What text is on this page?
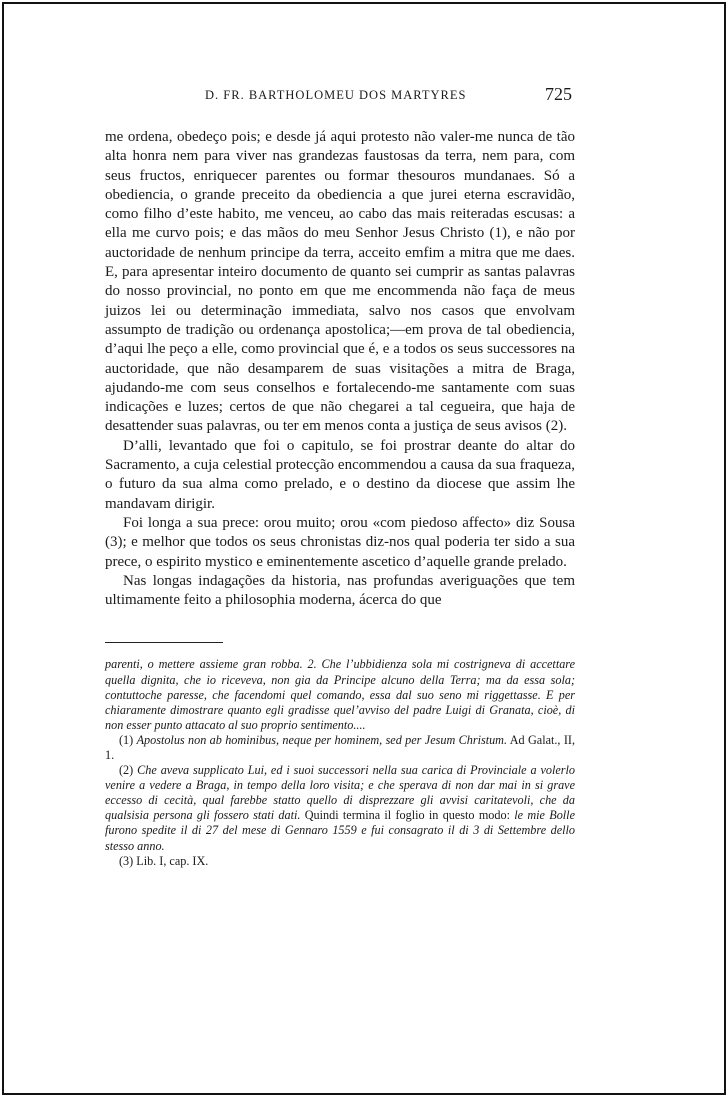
D. FR. BARTHOLOMEU DOS MARTYRES	725

me ordena, obedeço pois; e desde já aqui protesto não valer-me nunca de tão alta honra nem para viver nas grandezas faustosas da terra, nem para, com seus fructos, enriquecer parentes ou formar thesouros mundanaes. Só a obediencia, o grande preceito da obediencia a que jurei eterna escravidão, como filho d’este habito, me venceu, ao cabo das mais reiteradas escusas: a ella me curvo pois; e das mãos do meu Senhor Jesus Christo (1), e não por auctoridade de nenhum principe da terra, acceito emfim a mitra que me daes. E, para apresentar inteiro documento de quanto sei cumprir as santas palavras do nosso provincial, no ponto em que me encommenda não faça de meus juizos lei ou determinação immediata, salvo nos casos que envolvam assumpto de tradição ou ordenança apostolica;—em prova de tal obediencia, d’aqui lhe peço a elle, como provincial que é, e a todos os seus successores na auctoridade, que não desamparem de suas visitações a mitra de Braga, ajudando-me com seus conselhos e fortalecendo-me santamente com suas indicações e luzes; certos de que não chegarei a tal cegueira, que haja de desattender suas palavras, ou ter em menos conta a justiça de seus avisos (2).

D’alli, levantado que foi o capitulo, se foi prostrar deante do altar do Sacramento, a cuja celestial protecção encommendou a causa da sua fraqueza, o futuro da sua alma como prelado, e o destino da diocese que assim lhe mandavam dirigir.

Foi longa a sua prece: orou muito; orou «com piedoso affecto» diz Sousa (3); e melhor que todos os seus chronistas diz-nos qual poderia ter sido a sua prece, o espirito mystico e eminentemente ascetico d’aquelle grande prelado.

Nas longas indagações da historia, nas profundas averiguações que tem ultimamente feito a philosophia moderna, ácerca do que

parenti, o mettere assieme gran robba. 2. Che l’ubbidienza sola mi costrigneva di accettare quella dignita, che io riceveva, non gia da Principe alcuno della Terra; ma da essa sola; contuttoche paresse, che facendomi quel comando, essa dal suo seno mi riggettasse. E per chiaramente dimostrare quanto egli gradisse quel’avviso del padre Luigi di Granata, cioè, di non esser punto attacato al suo proprio sentimento....

(1) Apostolus non ab hominibus, neque per hominem, sed per Jesum Christum. Ad Galat., II, 1.

(2) Che aveva supplicato Lui, ed i suoi successori nella sua carica di Provinciale a volerlo venire a vedere a Braga, in tempo della loro visita; e che sperava di non dar mai in si grave eccesso di cecità, qual farebbe statto quello di disprezzare gli avvisi caritatevoli, che da qualsisia persona gli fossero stati dati. Quindi termina il foglio in questo modo: le mie Bolle furono spedite il di 27 del mese di Gennaro 1559 e fui consagrato il di 3 di Settembre dello stesso anno.

(3) Lib. I, cap. IX.
